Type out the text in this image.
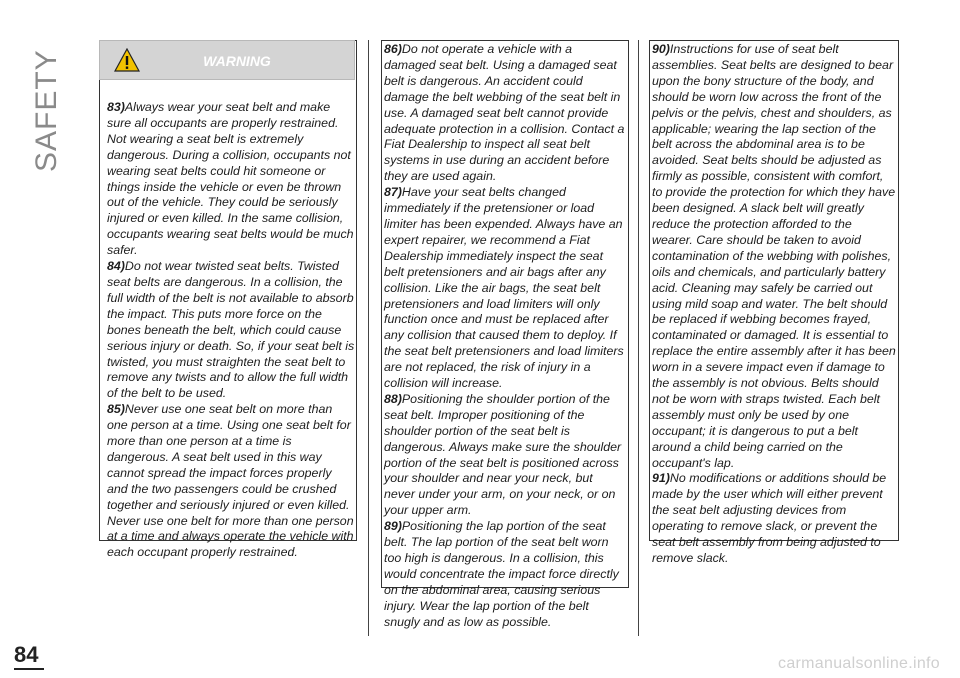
SAFETY	WARNING

83)Always wear your seat belt and make sure all occupants are properly restrained. Not wearing a seat belt is extremely dangerous. During a collision, occupants not wearing seat belts could hit someone or things inside the vehicle or even be thrown out of the vehicle. They could be seriously injured or even killed. In the same collision, occupants wearing seat belts would be much safer.

84)Do not wear twisted seat belts. Twisted seat belts are dangerous. In a collision, the full width of the belt is not available to absorb the impact. This puts more force on the bones beneath the belt, which could cause serious injury or death. So, if your seat belt is twisted, you must straighten the seat belt to remove any twists and to allow the full width of the belt to be used.

85)Never use one seat belt on more than one person at a time. Using one seat belt for more than one person at a time is dangerous. A seat belt used in this way cannot spread the impact forces properly and the two passengers could be crushed together and seriously injured or even killed. Never use one belt for more than one person at a time and always operate the vehicle with each occupant properly restrained.

86)Do not operate a vehicle with a damaged seat belt. Using a damaged seat belt is dangerous. An accident could damage the belt webbing of the seat belt in use. A damaged seat belt cannot provide adequate protection in a collision. Contact a Fiat Dealership to inspect all seat belt systems in use during an accident before they are used again.

87)Have your seat belts changed immediately if the pretensioner or load limiter has been expended. Always have an expert repairer, we recommend a Fiat Dealership immediately inspect the seat belt pretensioners and air bags after any collision. Like the air bags, the seat belt pretensioners and load limiters will only function once and must be replaced after any collision that caused them to deploy. If the seat belt pretensioners and load limiters are not replaced, the risk of injury in a collision will increase.

88)Positioning the shoulder portion of the seat belt. Improper positioning of the shoulder portion of the seat belt is dangerous. Always make sure the shoulder portion of the seat belt is positioned across your shoulder and near your neck, but never under your arm, on your neck, or on your upper arm.

89)Positioning the lap portion of the seat belt. The lap portion of the seat belt worn too high is dangerous. In a collision, this would concentrate the impact force directly on the abdominal area, causing serious injury. Wear the lap portion of the belt snugly and as low as possible.

90)Instructions for use of seat belt assemblies. Seat belts are designed to bear upon the bony structure of the body, and should be worn low across the front of the pelvis or the pelvis, chest and shoulders, as applicable; wearing the lap section of the belt across the abdominal area is to be avoided. Seat belts should be adjusted as firmly as possible, consistent with comfort, to provide the protection for which they have been designed. A slack belt will greatly reduce the protection afforded to the wearer. Care should be taken to avoid contamination of the webbing with polishes, oils and chemicals, and particularly battery acid. Cleaning may safely be carried out using mild soap and water. The belt should be replaced if webbing becomes frayed, contaminated or damaged. It is essential to replace the entire assembly after it has been worn in a severe impact even if damage to the assembly is not obvious. Belts should not be worn with straps twisted. Each belt assembly must only be used by one occupant; it is dangerous to put a belt around a child being carried on the occupant's lap.

91)No modifications or additions should be made by the user which will either prevent the seat belt adjusting devices from operating to remove slack, or prevent the seat belt assembly from being adjusted to remove slack.

84	carmanualsonline.info
